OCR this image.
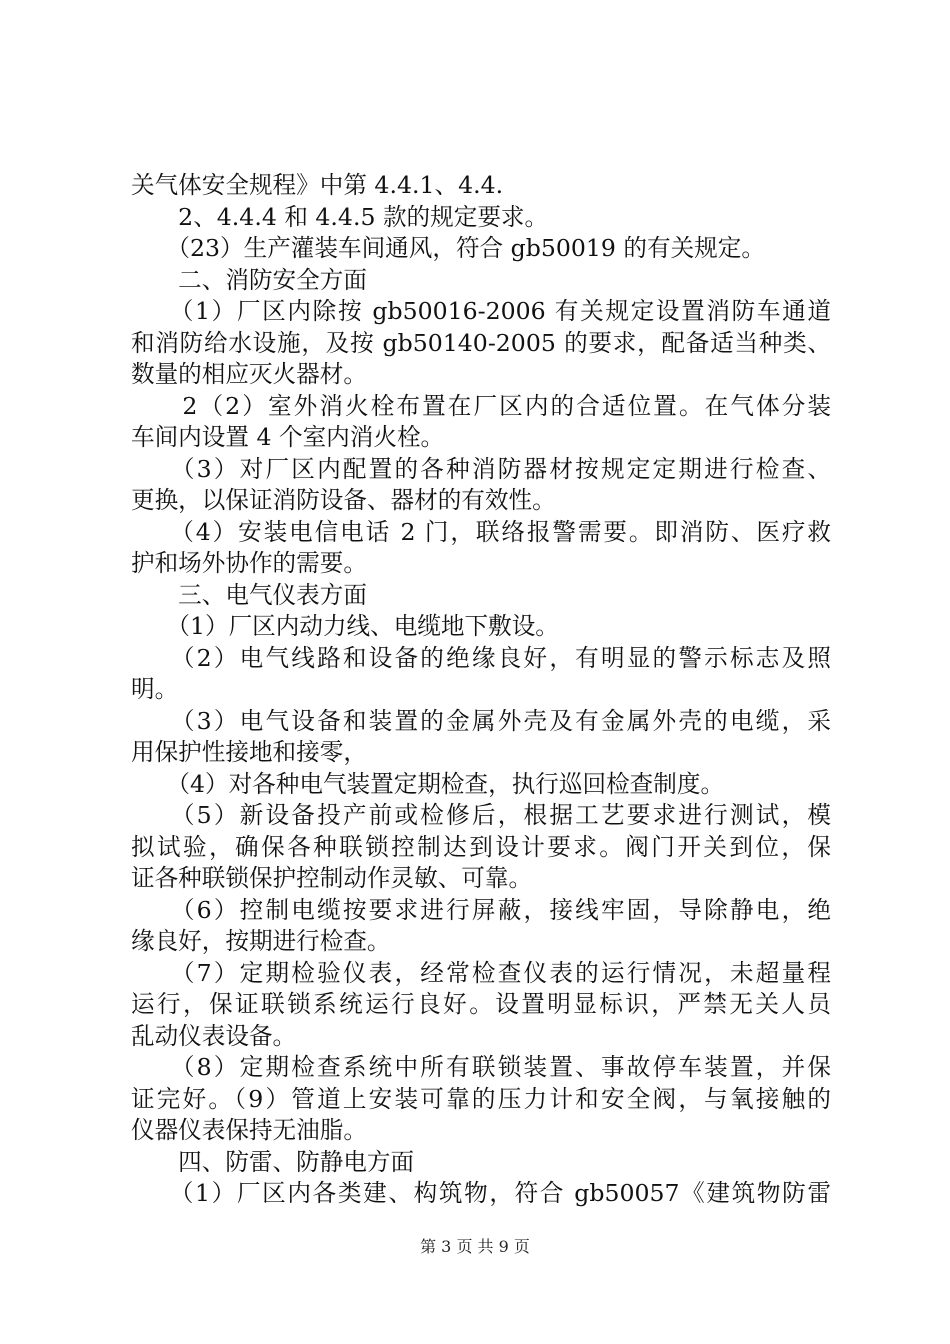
关气体安全规程》中第 4.4.1、4.4.
　　2、4.4.4 和 4.4.5 款的规定要求。
　　（23）生产灌装车间通风，符合 gb50019 的有关规定。
　　二、消防安全方面
　　（1）厂区内除按 gb50016-2006 有关规定设置消防车通道
和消防给水设施，及按 gb50140-2005 的要求，配备适当种类、
数量的相应灭火器材。
　　2（2）室外消火栓布置在厂区内的合适位置。在气体分装
车间内设置 4 个室内消火栓。
　　（3）对厂区内配置的各种消防器材按规定定期进行检查、
更换，以保证消防设备、器材的有效性。
　　（4）安装电信电话 2 门，联络报警需要。即消防、医疗救
护和场外协作的需要。
　　三、电气仪表方面
　　（1）厂区内动力线、电缆地下敷设。
　　（2）电气线路和设备的绝缘良好，有明显的警示标志及照
明。
　　（3）电气设备和装置的金属外壳及有金属外壳的电缆，采
用保护性接地和接零，
　　（4）对各种电气装置定期检查，执行巡回检查制度。
　　（5）新设备投产前或检修后，根据工艺要求进行测试，模
拟试验，确保各种联锁控制达到设计要求。阀门开关到位，保
证各种联锁保护控制动作灵敏、可靠。
　　（6）控制电缆按要求进行屏蔽，接线牢固，导除静电，绝
缘良好，按期进行检查。
　　（7）定期检验仪表，经常检查仪表的运行情况，未超量程
运行，保证联锁系统运行良好。设置明显标识，严禁无关人员
乱动仪表设备。
　　（8）定期检查系统中所有联锁装置、事故停车装置，并保
证完好。（9）管道上安装可靠的压力计和安全阀，与氧接触的
仪器仪表保持无油脂。
　　四、防雷、防静电方面
　　（1）厂区内各类建、构筑物，符合 gb50057《建筑物防雷
第 3 页 共 9 页
